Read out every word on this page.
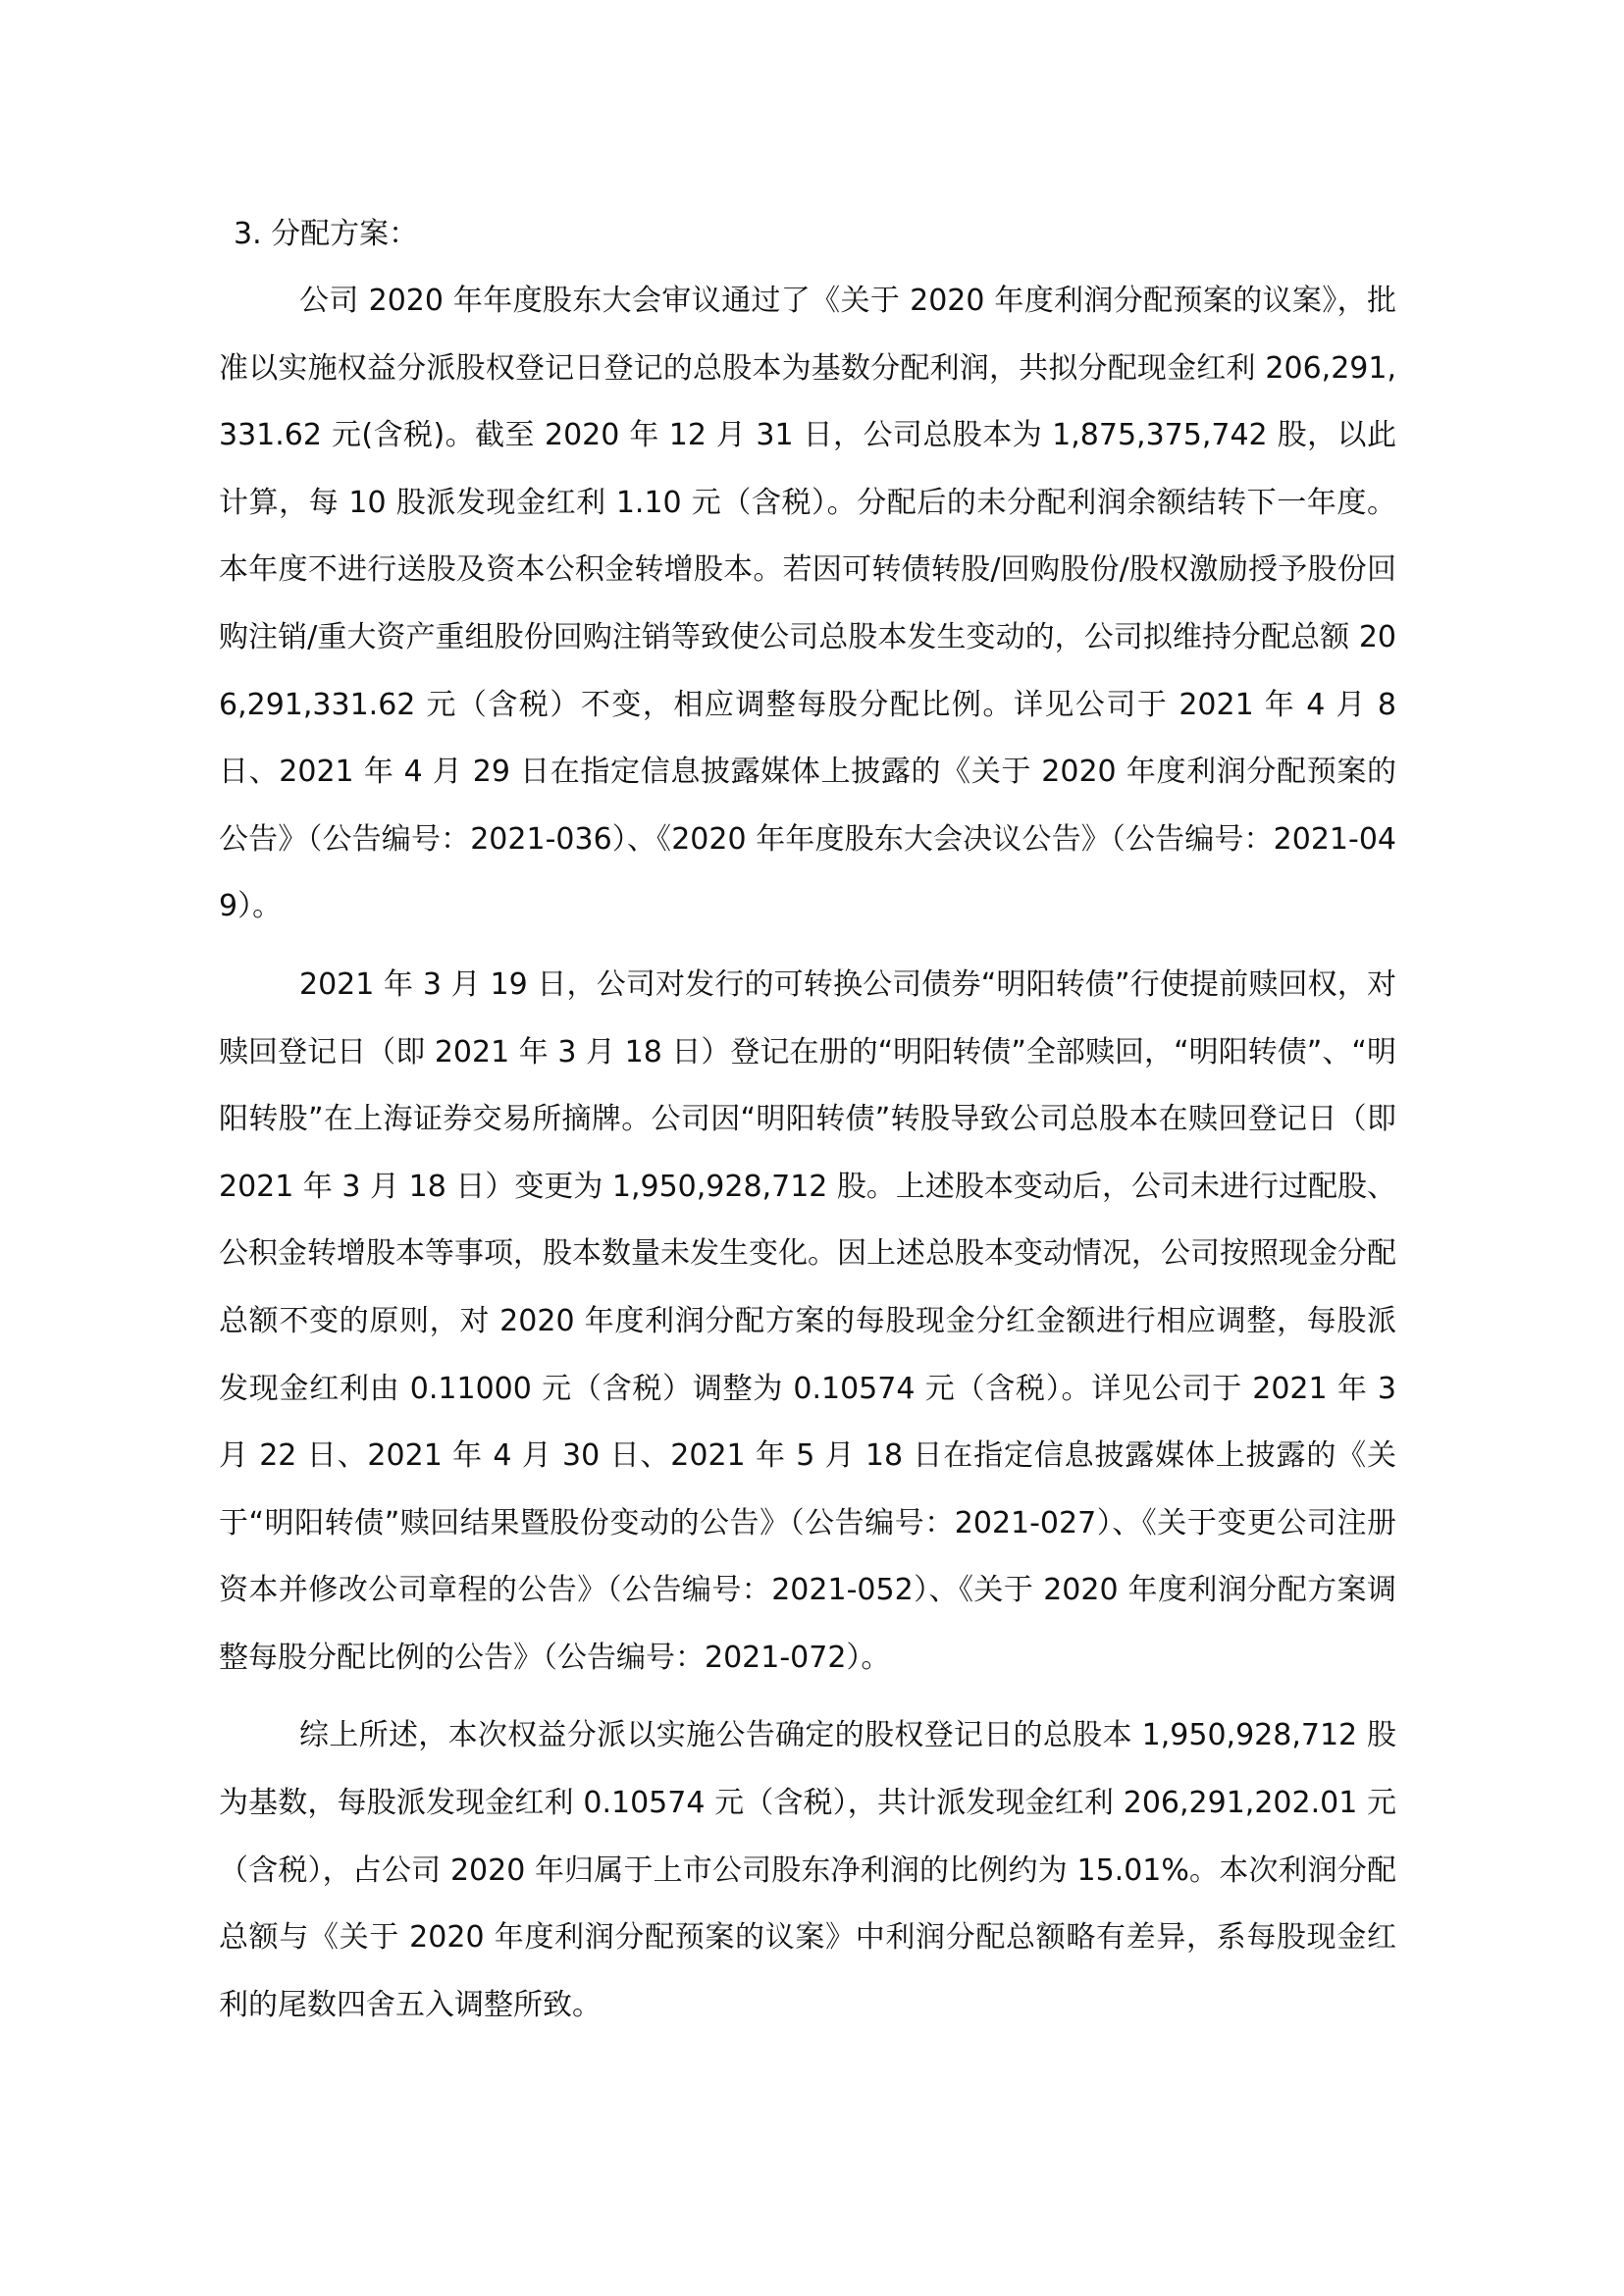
3. 分配方案：

公司 2020 年年度股东大会审议通过了《关于 2020 年度利润分配预案的议案》，批准以实施权益分派股权登记日登记的总股本为基数分配利润，共拟分配现金红利 206,291,331.62 元(含税)。截至 2020 年 12 月 31 日，公司总股本为 1,875,375,742 股，以此计算，每 10 股派发现金红利 1.10 元（含税）。分配后的未分配利润余额结转下一年度。本年度不进行送股及资本公积金转增股本。若因可转债转股/回购股份/股权激励授予股份回购注销/重大资产重组股份回购注销等致使公司总股本发生变动的，公司拟维持分配总额 206,291,331.62 元（含税）不变，相应调整每股分配比例。详见公司于 2021 年 4 月 8 日、2021 年 4 月 29 日在指定信息披露媒体上披露的《关于 2020 年度利润分配预案的公告》（公告编号：2021-036）、《2020 年年度股东大会决议公告》（公告编号：2021-049）。

2021 年 3 月 19 日，公司对发行的可转换公司债券“明阳转债”行使提前赎回权，对赎回登记日（即 2021 年 3 月 18 日）登记在册的“明阳转债”全部赎回，“明阳转债”、“明阳转股”在上海证券交易所摘牌。公司因“明阳转债”转股导致公司总股本在赎回登记日（即 2021 年 3 月 18 日）变更为 1,950,928,712 股。上述股本变动后，公司未进行过配股、公积金转增股本等事项，股本数量未发生变化。因上述总股本变动情况，公司按照现金分配总额不变的原则，对 2020 年度利润分配方案的每股现金分红金额进行相应调整，每股派发现金红利由 0.11000 元（含税）调整为 0.10574 元（含税）。详见公司于 2021 年 3 月 22 日、2021 年 4 月 30 日、2021 年 5 月 18 日在指定信息披露媒体上披露的《关于“明阳转债”赎回结果暨股份变动的公告》（公告编号：2021-027）、《关于变更公司注册资本并修改公司章程的公告》（公告编号：2021-052）、《关于 2020 年度利润分配方案调整每股分配比例的公告》（公告编号：2021-072）。

综上所述，本次权益分派以实施公告确定的股权登记日的总股本 1,950,928,712 股为基数，每股派发现金红利 0.10574 元（含税），共计派发现金红利 206,291,202.01 元（含税），占公司 2020 年归属于上市公司股东净利润的比例约为 15.01%。本次利润分配总额与《关于 2020 年度利润分配预案的议案》中利润分配总额略有差异，系每股现金红利的尾数四舍五入调整所致。
